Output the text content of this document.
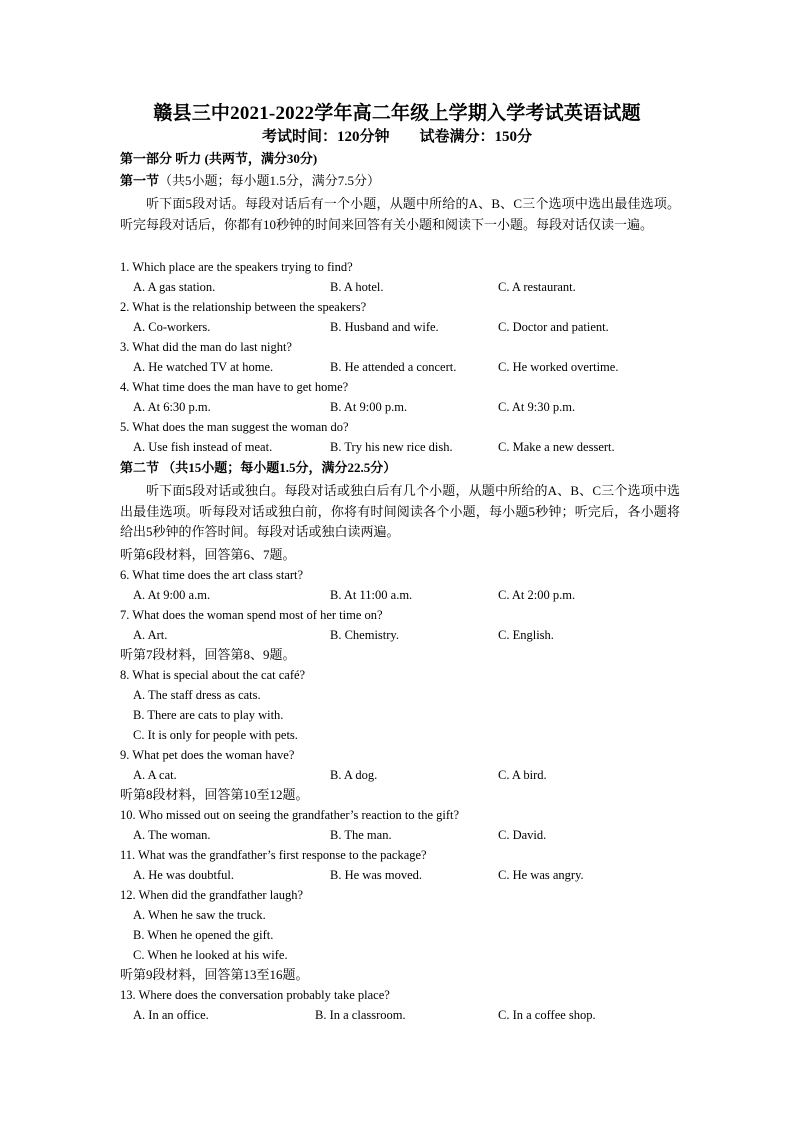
赣县三中2021-2022学年高二年级上学期入学考试英语试题
考试时间：120分钟 试卷满分：150分
第一部分 听力 (共两节，满分30分)
第一节（共5小题；每小题1.5分，满分7.5分）
听下面5段对话。每段对话后有一个小题，从题中所给的A、B、C三个选项中选出最佳选项。听完每段对话后，你都有10秒钟的时间来回答有关小题和阅读下一小题。每段对话仅读一遍。
1. Which place are the speakers trying to find?
A. A gas station.	B. A hotel.	C. A restaurant.
2. What is the relationship between the speakers?
A. Co-workers.	B. Husband and wife.	C. Doctor and patient.
3. What did the man do last night?
A. He watched TV at home.	B. He attended a concert.	C. He worked overtime.
4. What time does the man have to get home?
A. At 6:30 p.m.	B. At 9:00 p.m.	C. At 9:30 p.m.
5. What does the man suggest the woman do?
A. Use fish instead of meat.	B. Try his new rice dish.	C. Make a new dessert.
第二节 （共15小题；每小题1.5分，满分22.5分）
听下面5段对话或独白。每段对话或独白后有几个小题，从题中所给的A、B、C三个选项中选出最佳选项。听每段对话或独白前，你将有时间阅读各个小题，每小题5秒钟；听完后，各小题将给出5秒钟的作答时间。每段对话或独白读两遍。
听第6段材料，回答第6、7题。
6. What time does the art class start?
A. At 9:00 a.m.	B. At 11:00 a.m.	C. At 2:00 p.m.
7. What does the woman spend most of her time on?
A. Art.	B. Chemistry.	C. English.
听第7段材料，回答第8、9题。
8. What is special about the cat café?
A. The staff dress as cats.
B. There are cats to play with.
C. It is only for people with pets.
9. What pet does the woman have?
A. A cat.	B. A dog.	C. A bird.
听第8段材料，回答第10至12题。
10. Who missed out on seeing the grandfather’s reaction to the gift?
A. The woman.	B. The man.	C. David.
11. What was the grandfather’s first response to the package?
A. He was doubtful.	B. He was moved.	C. He was angry.
12. When did the grandfather laugh?
A. When he saw the truck.
B. When he opened the gift.
C. When he looked at his wife.
听第9段材料，回答第13至16题。
13. Where does the conversation probably take place?
A. In an office.	B. In a classroom.	C. In a coffee shop.
